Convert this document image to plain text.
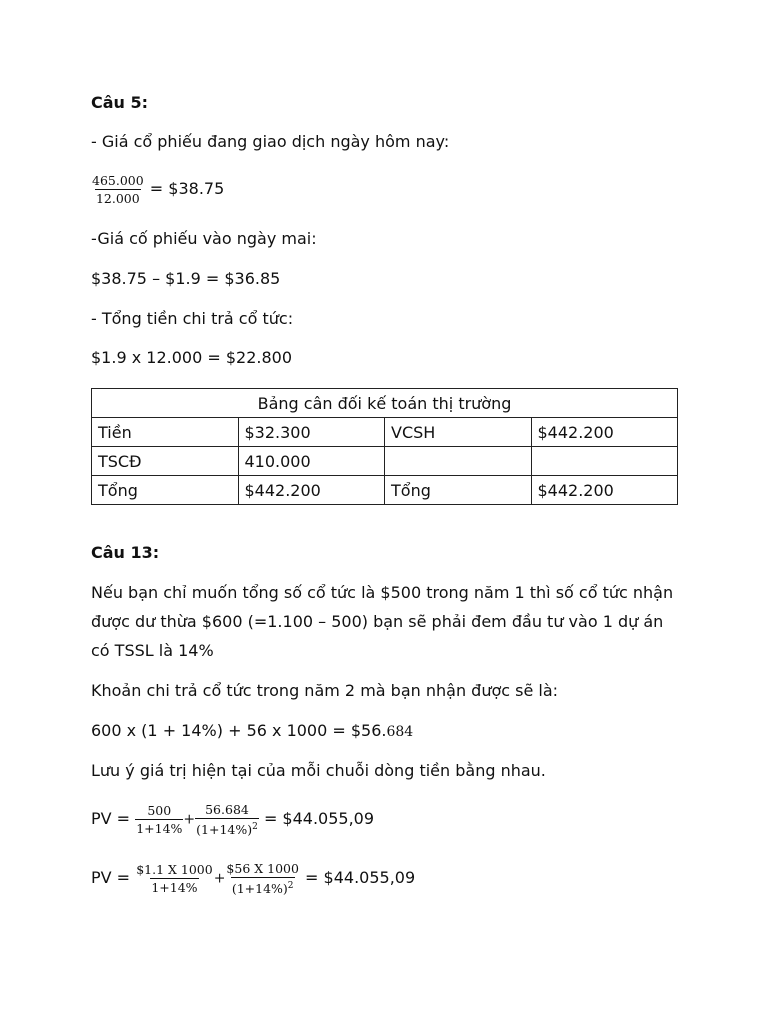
Câu 5:
- Giá cổ phiếu đang giao dịch ngày hôm nay:
$\frac{465.000}{12.000}$ = $38.75
-Giá cố phiếu vào ngày mai:
$38.75 – $1.9 = $36.85
- Tổng tiền chi trả cổ tức:
$1.9 x 12.000 = $22.800
Bảng cân đối kế toán thị trường			
Tiền	$32.300	VCSH	$442.200
TSCĐ	410.000		
Tổng	$442.200	Tổng	$442.200
Câu 13:
Nếu bạn chỉ muốn tổng số cổ tức là $500 trong năm 1 thì số cổ tức nhận được dư thừa $600 (=1.100 – 500) bạn sẽ phải đem đầu tư vào 1 dự án có TSSL là 14%
Khoản chi trả cổ tức trong năm 2 mà bạn nhận được sẽ là:
600 x (1 + 14%) + 56 x 1000 = $56.684
Lưu ý giá trị hiện tại của mỗi chuỗi dòng tiền bằng nhau.
PV = $\frac{500}{1+14\%} + \frac{56.684}{(1+14\%)^2}$ = $44.055,09
PV = $\frac{\$1.1 X 1000}{1+14\%} + \frac{\$56 X 1000}{(1+14\%)^2}$ = $44.055,09
